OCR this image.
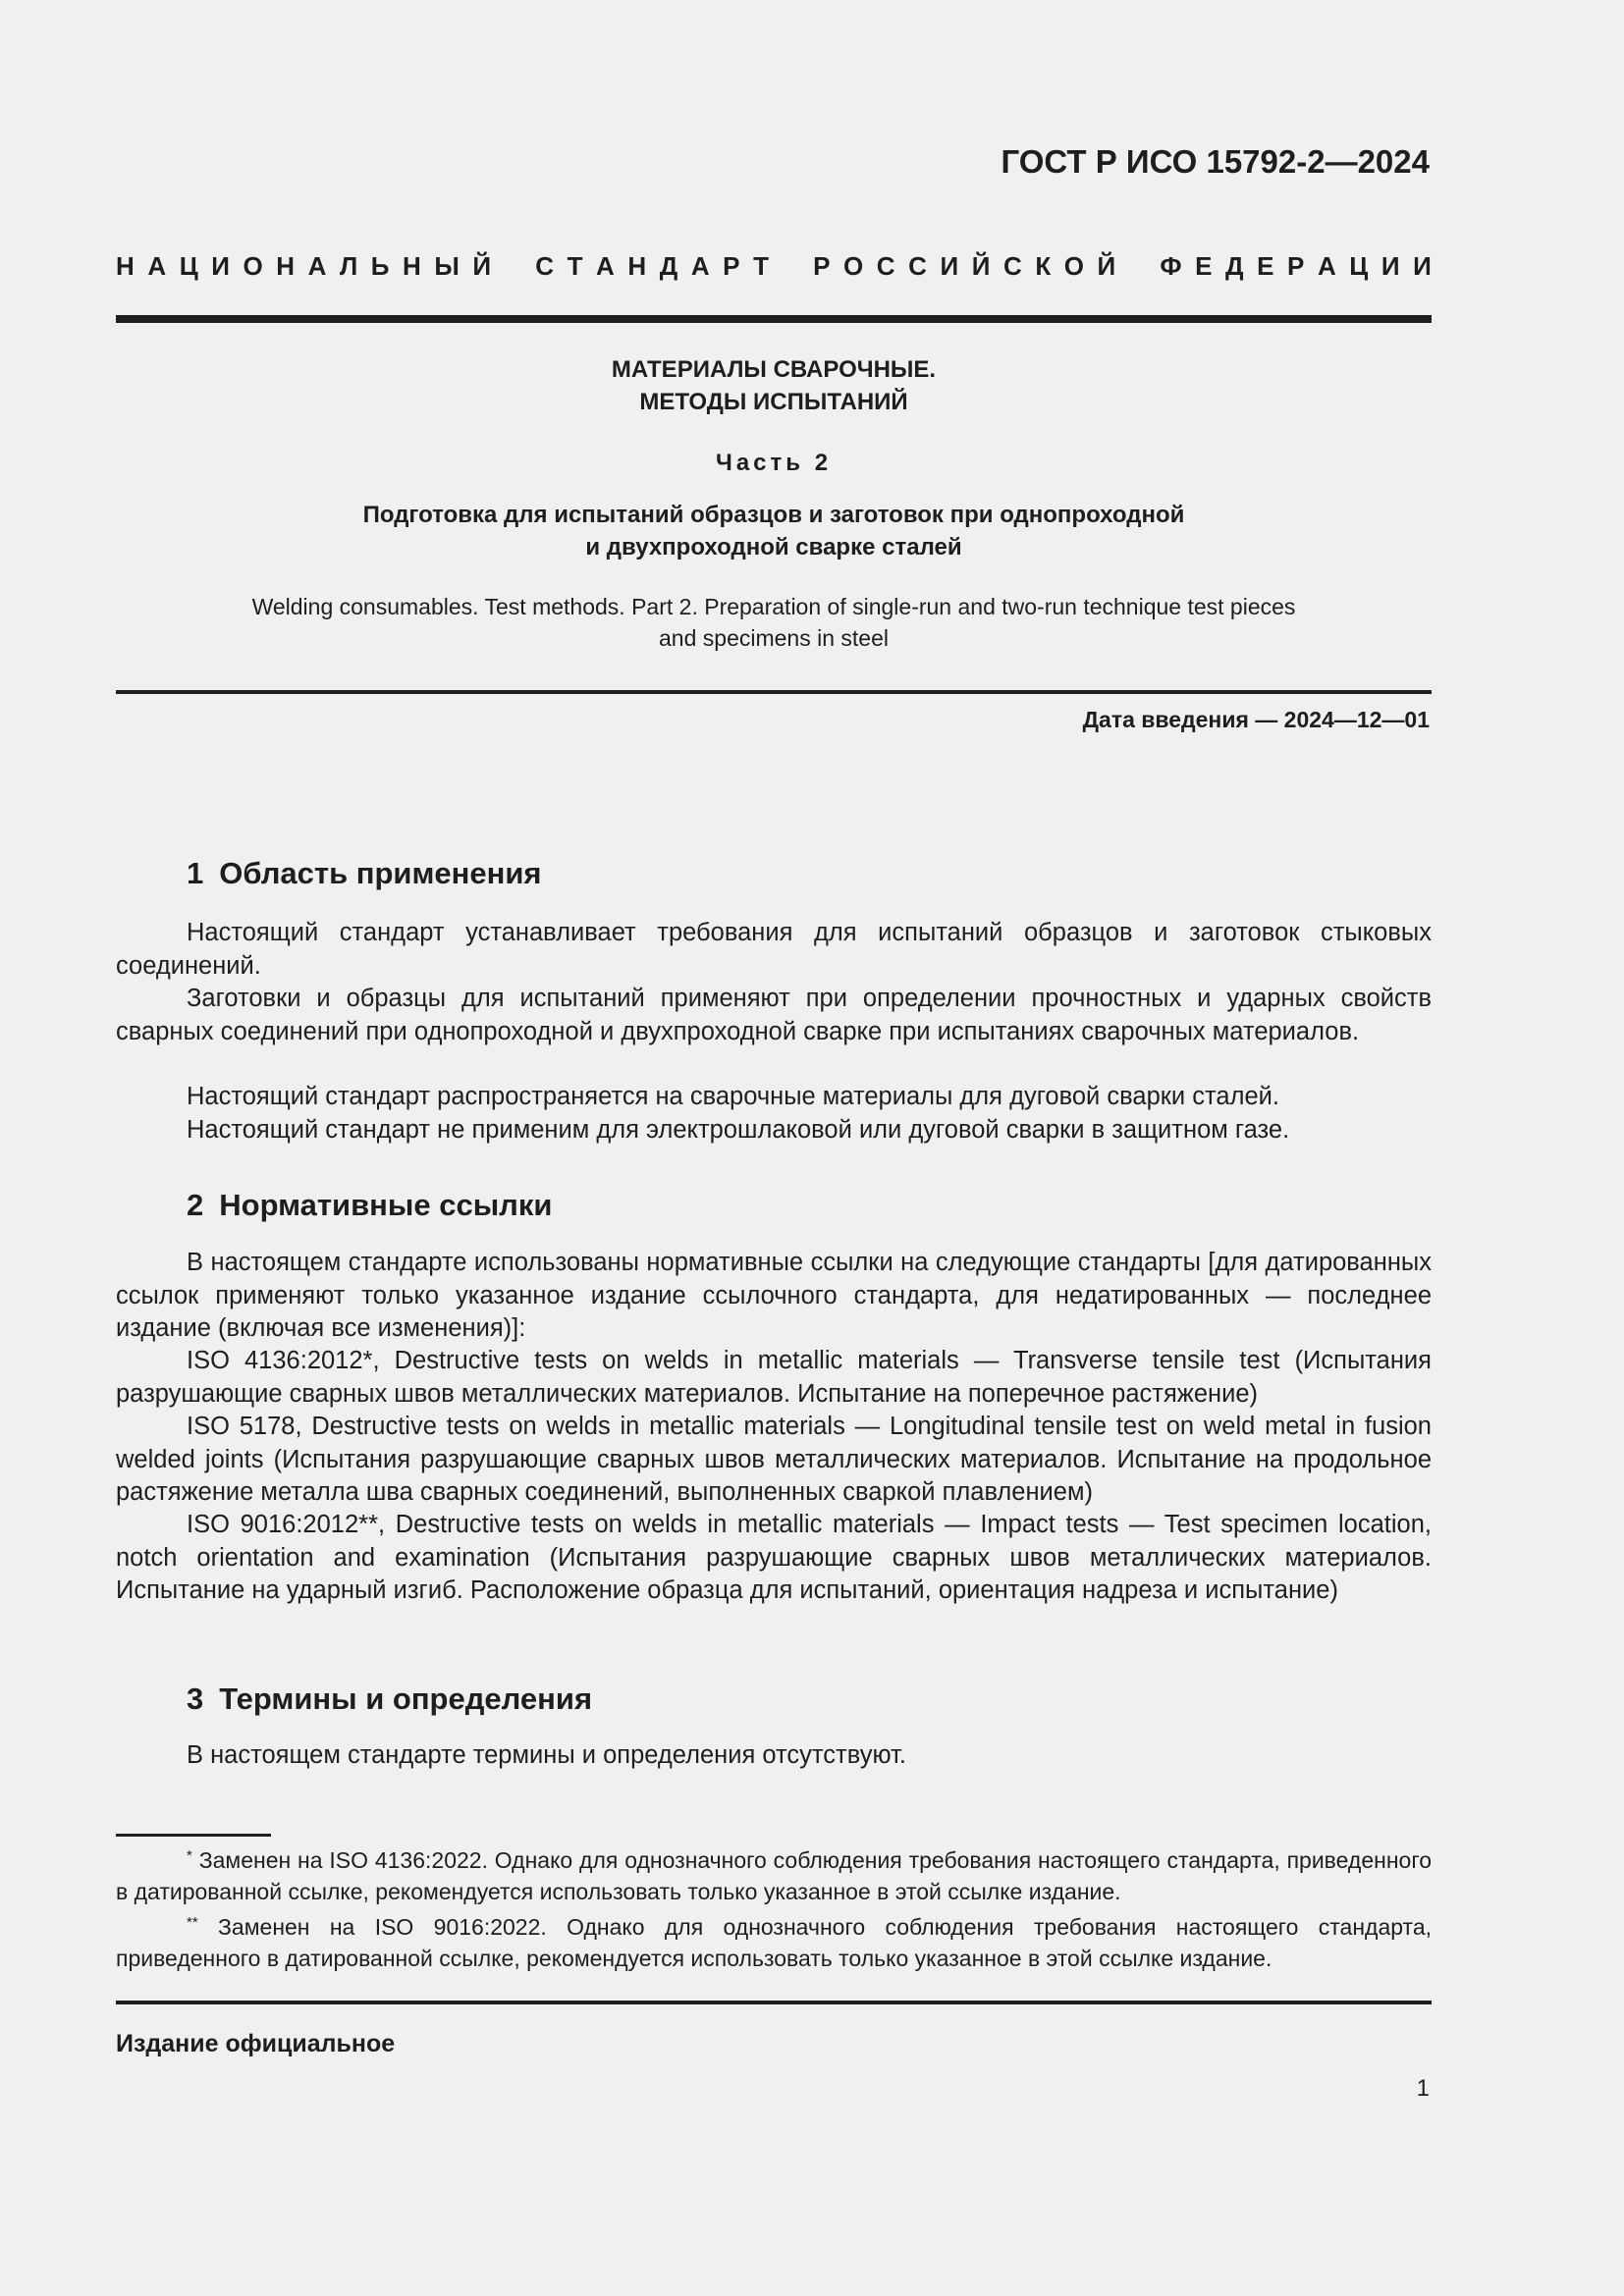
ГОСТ Р ИСО 15792-2—2024
Н А Ц И О Н А Л Ь Н Ы Й С Т А Н Д А Р Т Р О С С И Й С К О Й Ф Е Д Е Р А Ц И И
МАТЕРИАЛЫ СВАРОЧНЫЕ.
МЕТОДЫ ИСПЫТАНИЙ
Часть 2
Подготовка для испытаний образцов и заготовок при однопроходной
и двухпроходной сварке сталей
Welding consumables. Test methods. Part 2. Preparation of single-run and two-run technique test pieces
and specimens in steel
Дата введения — 2024—12—01
1 Область применения

Настоящий стандарт устанавливает требования для испытаний образцов и заготовок стыковых соединений.

Заготовки и образцы для испытаний применяют при определении прочностных и ударных свойств сварных соединений при однопроходной и двухпроходной сварке при испытаниях сварочных материалов.

Настоящий стандарт распространяется на сварочные материалы для дуговой сварки сталей.

Настоящий стандарт не применим для электрошлаковой или дуговой сварки в защитном газе.

2 Нормативные ссылки

В настоящем стандарте использованы нормативные ссылки на следующие стандарты [для датированных ссылок применяют только указанное издание ссылочного стандарта, для недатированных — последнее издание (включая все изменения)]:

ISO 4136:2012*, Destructive tests on welds in metallic materials — Transverse tensile test (Испытания разрушающие сварных швов металлических материалов. Испытание на поперечное растяжение)

ISO 5178, Destructive tests on welds in metallic materials — Longitudinal tensile test on weld metal in fusion welded joints (Испытания разрушающие сварных швов металлических материалов. Испытание на продольное растяжение металла шва сварных соединений, выполненных сваркой плавлением)

ISO 9016:2012**, Destructive tests on welds in metallic materials — Impact tests — Test specimen location, notch orientation and examination (Испытания разрушающие сварных швов металлических материалов. Испытание на ударный изгиб. Расположение образца для испытаний, ориентация надреза и испытание)

3 Термины и определения

В настоящем стандарте термины и определения отсутствуют.

* Заменен на ISO 4136:2022. Однако для однозначного соблюдения требования настоящего стандарта, приведенного в датированной ссылке, рекомендуется использовать только указанное в этой ссылке издание.

** Заменен на ISO 9016:2022. Однако для однозначного соблюдения требования настоящего стандарта, приведенного в датированной ссылке, рекомендуется использовать только указанное в этой ссылке издание.

Издание официальное
1
